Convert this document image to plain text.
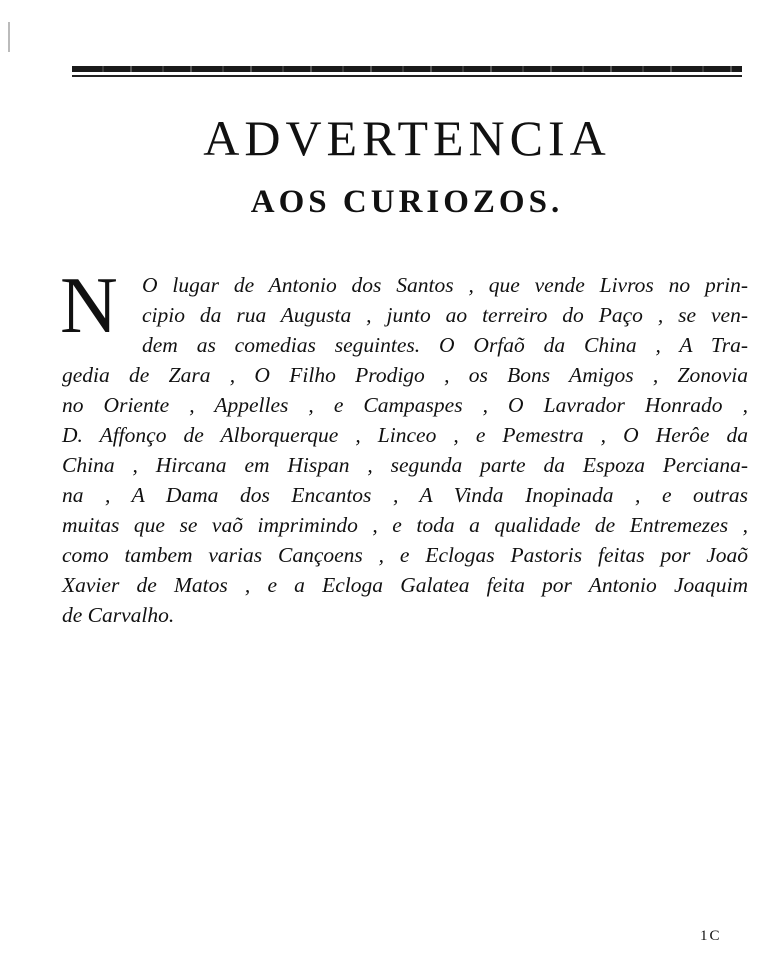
ADVERTENCIA
AOS CURIOZOS.
N	O lugar de Antonio dos Santos , que vende Livros no prin-
cipio da rua Augusta , junto ao terreiro do Paço , se ven-
dem as comedias seguintes. O Orfaõ da China , A Tra-
gedia de Zara , O Filho Prodigo , os Bons Amigos , Zonovia
no Oriente , Appelles , e Campaspes , O Lavrador Honrado ,
D. Affonço de Alborquerque , Linceo , e Pemestra , O Herôe da
China , Hircana em Hispan , segunda parte da Espoza Perciana-
na , A Dama dos Encantos , A Vinda Inopinada , e outras
muitas que se vaõ imprimindo , e toda a qualidade de Entremezes ,
como tambem varias Cançoens , e Eclogas Pastoris feitas por Joaõ
Xavier de Matos , e a Ecloga Galatea feita por Antonio Joaquim
de Carvalho.
1C
